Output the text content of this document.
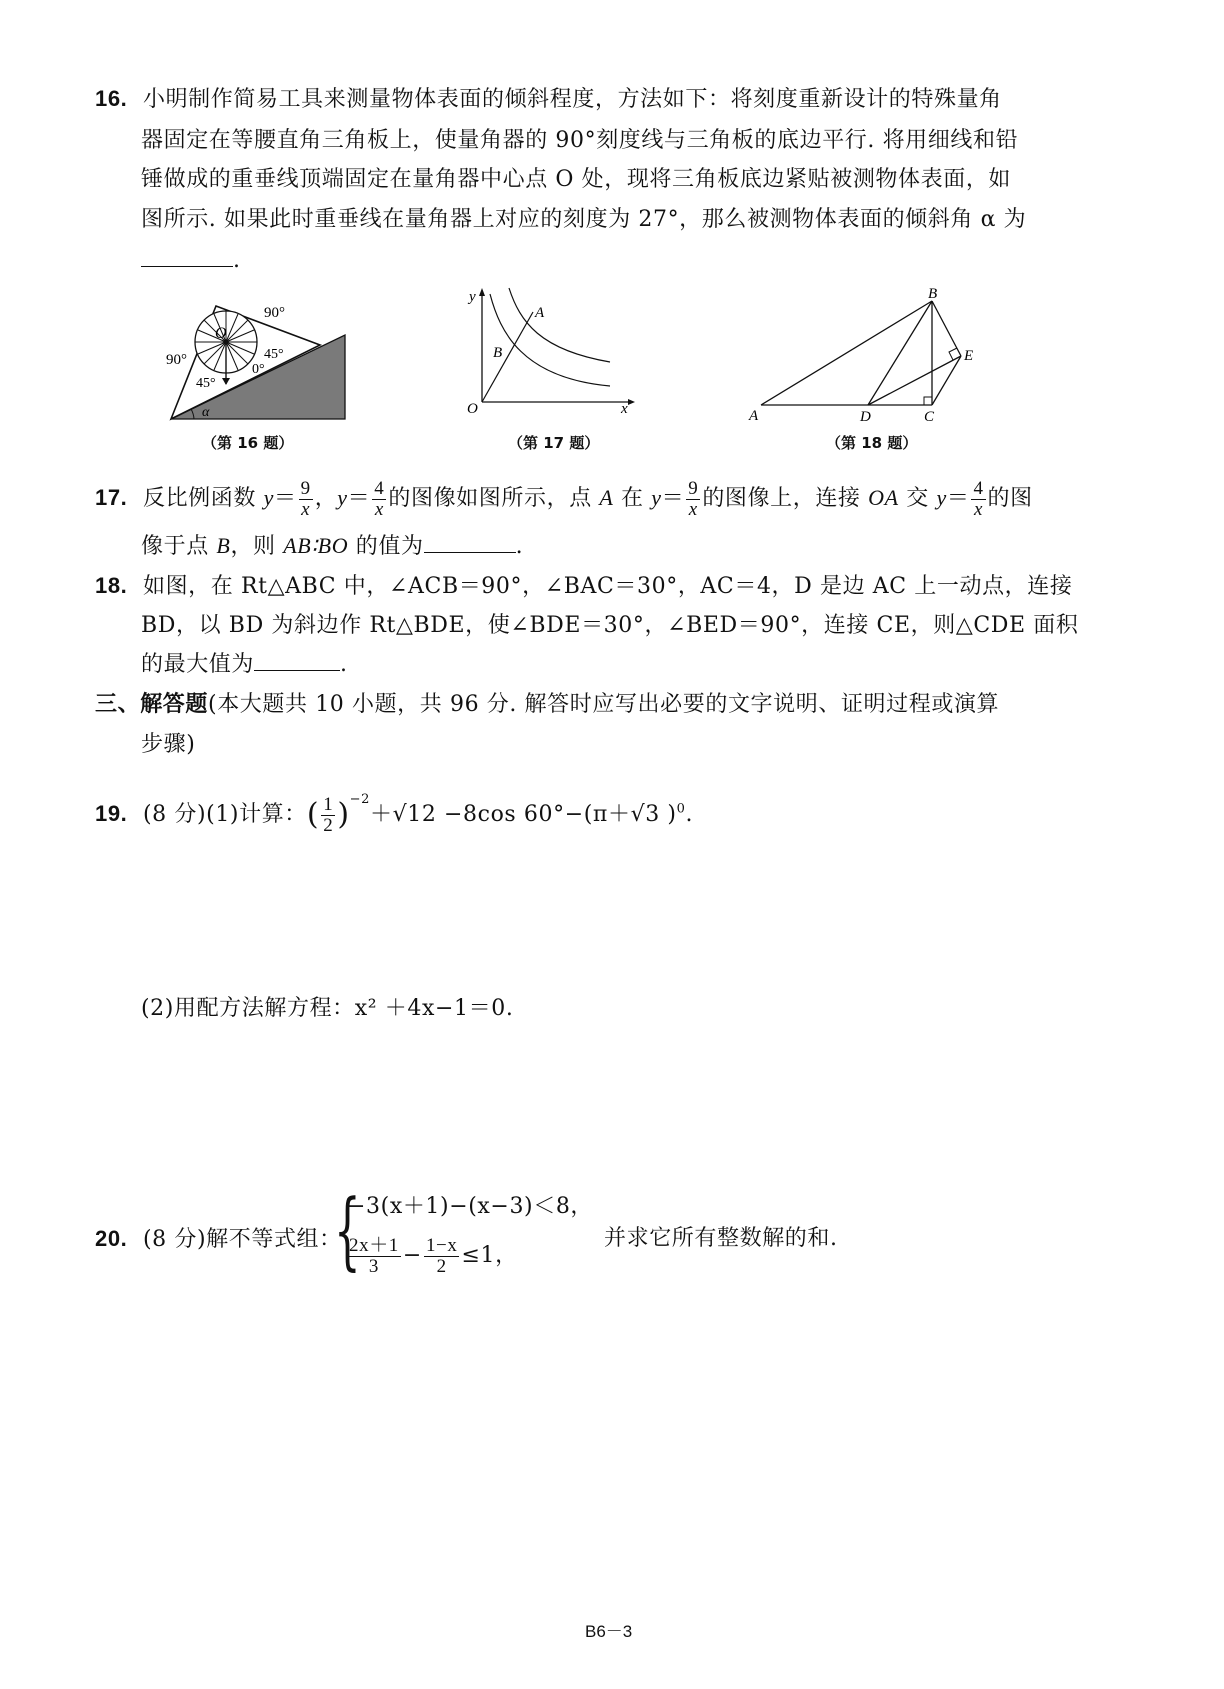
16. 小明制作简易工具来测量物体表面的倾斜程度，方法如下：将刻度重新设计的特殊量角
器固定在等腰直角三角板上，使量角器的 90°刻度线与三角板的底边平行. 将用细线和铅
锤做成的重垂线顶端固定在量角器中心点 O 处，现将三角板底边紧贴被测物体表面，如
图所示. 如果此时重垂线在量角器上对应的刻度为 27°，那么被测物体表面的倾斜角 α 为
.
90°
90°
O
45°
45°
0°
α
（第 16 题）
y
x
O
A
B
（第 17 题）
A
B
C
D
E
（第 18 题）
17. 反比例函数 $y= \frac{9}{x}$ ，$y= \frac{4}{x}$ 的图像如图所示，点 A 在 $y= \frac{9}{x}$ 的图像上，连接 OA 交 $y= \frac{4}{x}$ 的图
像于点 B，则 AB∶BO 的值为	.
18. 如图，在 Rt△ABC 中，∠ACB＝90°，∠BAC＝30°，AC＝4，D 是边 AC 上一动点，连接
BD，以 BD 为斜边作 Rt△BDE，使∠BDE＝30°，∠BED＝90°，连接 CE，则△CDE 面积
的最大值为	.
三、解答题(本大题共 10 小题，共 96 分. 解答时应写出必要的文字说明、证明过程或演算
步骤)
19. (8 分)(1)计算：( $\frac{1}{2} )^{-2}+√12 -8\cos$ 60°−(π＋√3 )$^0$.
(2)用配方法解方程：x² ＋4x−1＝0.
20. (8 分)解不等式组：
{
−3(x＋1)−(x−3)＜8，
$\frac{2x+1}{3} - \frac{1-x}{2} \le 1$，
并求它所有整数解的和.
B6－3
